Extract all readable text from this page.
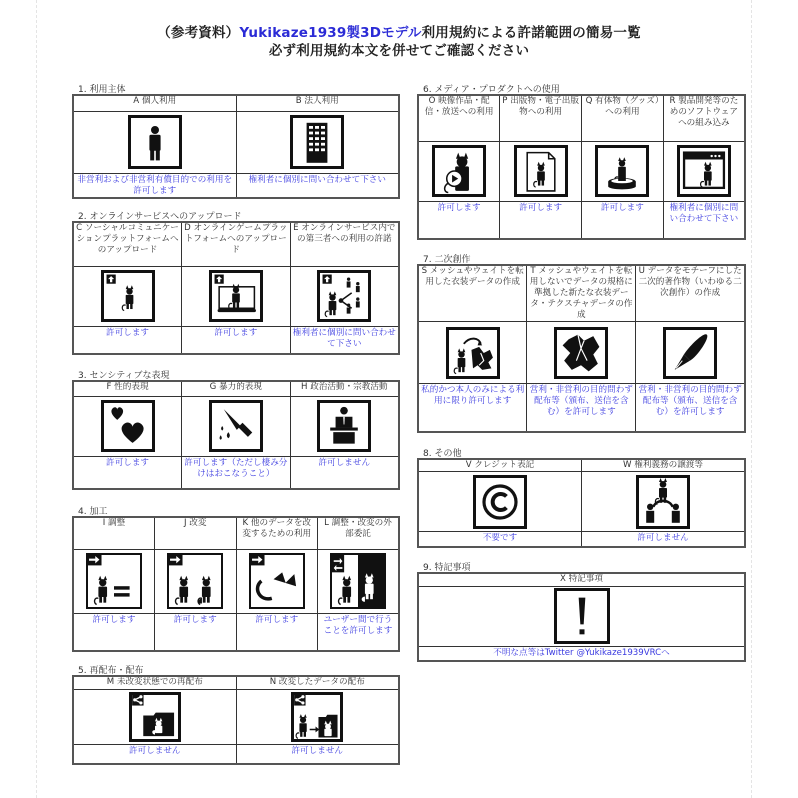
（参考資料）Yukikaze1939製3Dモデル利用規約による許諾範囲の簡易一覧
必ず利用規約本文を併せてご確認ください
1. 利用主体
A 個人利用	B 法人利用

非営利および非営利有償目的での利用を許可します	権利者に個別に問い合わせて下さい
2. オンラインサービスへのアップロード
C ソーシャルコミュニケーションプラットフォームへのアップロード	D オンラインゲームプラットフォームへのアップロード	E オンラインサービス内での第三者への利用の許諾

許可します	許可します	権利者に個別に問い合わせて下さい
3. センシティブな表現
F 性的表現	G 暴力的表現	H 政治活動・宗教活動

許可します	許可します（ただし棲み分けはおこなうこと）	許可しません
4. 加工
I 調整	J 改変	K 他のデータを改変するための利用	L 調整・改変の外部委託

許可します	許可します	許可します	ユーザー間で行うことを許可します
5. 再配布・配布
M 未改変状態での再配布	N 改変したデータの配布

許可しません	許可しません
6. メディア・プロダクトへの使用
O 映像作品・配信・放送への利用	P 出版物・電子出版物への利用	Q 有体物（グッズ）への利用	R 製品開発等のためのソフトウェアへの組み込み

許可します	許可します	許可します	権利者に個別に問い合わせて下さい
7. 二次創作
S メッシュやウェイトを転用した衣装データの作成	T メッシュやウェイトを転用しないでデータの規格に準拠した新たな衣装データ・テクスチャデータの作成	U データをモチーフにした二次的著作物（いわゆる二次創作）の作成

私的かつ本人のみによる利用に限り許可します	営利・非営利の目的問わず配布等（頒布、送信を含む）を許可します	営利・非営利の目的問わず配布等（頒布、送信を含む）を許可します
8. その他
V クレジット表記	W 権利義務の譲渡等

不要です	許可しません
9. 特記事項
X 特記事項

不明な点等はTwitter @Yukikaze1939VRCへ
